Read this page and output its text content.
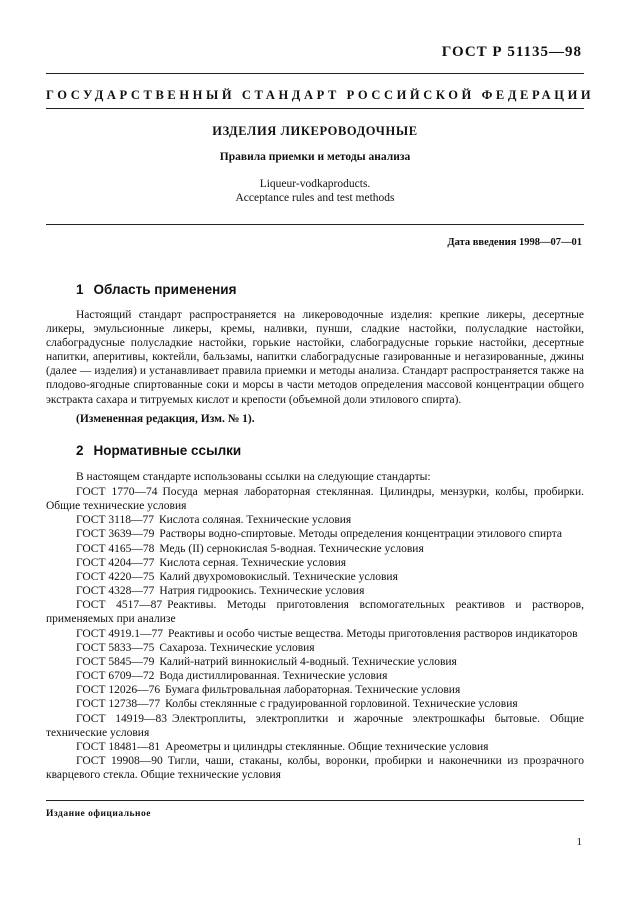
ГОСТ Р 51135—98
ГОСУДАРСТВЕННЫЙ СТАНДАРТ РОССИЙСКОЙ ФЕДЕРАЦИИ
ИЗДЕЛИЯ ЛИКЕРОВОДОЧНЫЕ
Правила приемки и методы анализа
Liqueur-vodkaproducts.
Acceptance rules and test methods
Дата введения 1998—07—01
1 Область применения

Настоящий стандарт распространяется на ликероводочные изделия: крепкие ликеры, десертные ликеры, эмульсионные ликеры, кремы, наливки, пунши, сладкие настойки, полусладкие настойки, слабоградусные полусладкие настойки, горькие настойки, слабоградусные горькие настойки, десертные напитки, аперитивы, коктейли, бальзамы, напитки слабоградусные газированные и негазированные, джины (далее — изделия) и устанавливает правила приемки и методы анализа. Стандарт распространяется также на плодово-ягодные спиртованные соки и морсы в части методов определения массовой концентрации общего экстракта сахара и титруемых кислот и крепости (объемной доли этилового спирта).

(Измененная редакция, Изм. № 1).
2 Нормативные ссылки
В настоящем стандарте использованы ссылки на следующие стандарты:
ГОСТ 1770—74 Посуда мерная лабораторная стеклянная. Цилиндры, мензурки, колбы, пробирки. Общие технические условия
ГОСТ 3118—77 Кислота соляная. Технические условия
ГОСТ 3639—79 Растворы водно-спиртовые. Методы определения концентрации этилового спирта
ГОСТ 4165—78 Медь (II) сернокислая 5-водная. Технические условия
ГОСТ 4204—77 Кислота серная. Технические условия
ГОСТ 4220—75 Калий двухромовокислый. Технические условия
ГОСТ 4328—77 Натрия гидроокись. Технические условия
ГОСТ 4517—87 Реактивы. Методы приготовления вспомогательных реактивов и растворов, применяемых при анализе
ГОСТ 4919.1—77 Реактивы и особо чистые вещества. Методы приготовления растворов индикаторов
ГОСТ 5833—75 Сахароза. Технические условия
ГОСТ 5845—79 Калий-натрий виннокислый 4-водный. Технические условия
ГОСТ 6709—72 Вода дистиллированная. Технические условия
ГОСТ 12026—76 Бумага фильтровальная лабораторная. Технические условия
ГОСТ 12738—77 Колбы стеклянные с градуированной горловиной. Технические условия
ГОСТ 14919—83 Электроплиты, электроплитки и жарочные электрошкафы бытовые. Общие технические условия
ГОСТ 18481—81 Ареометры и цилиндры стеклянные. Общие технические условия
ГОСТ 19908—90 Тигли, чаши, стаканы, колбы, воронки, пробирки и наконечники из прозрачного кварцевого стекла. Общие технические условия
Издание официальное
1
